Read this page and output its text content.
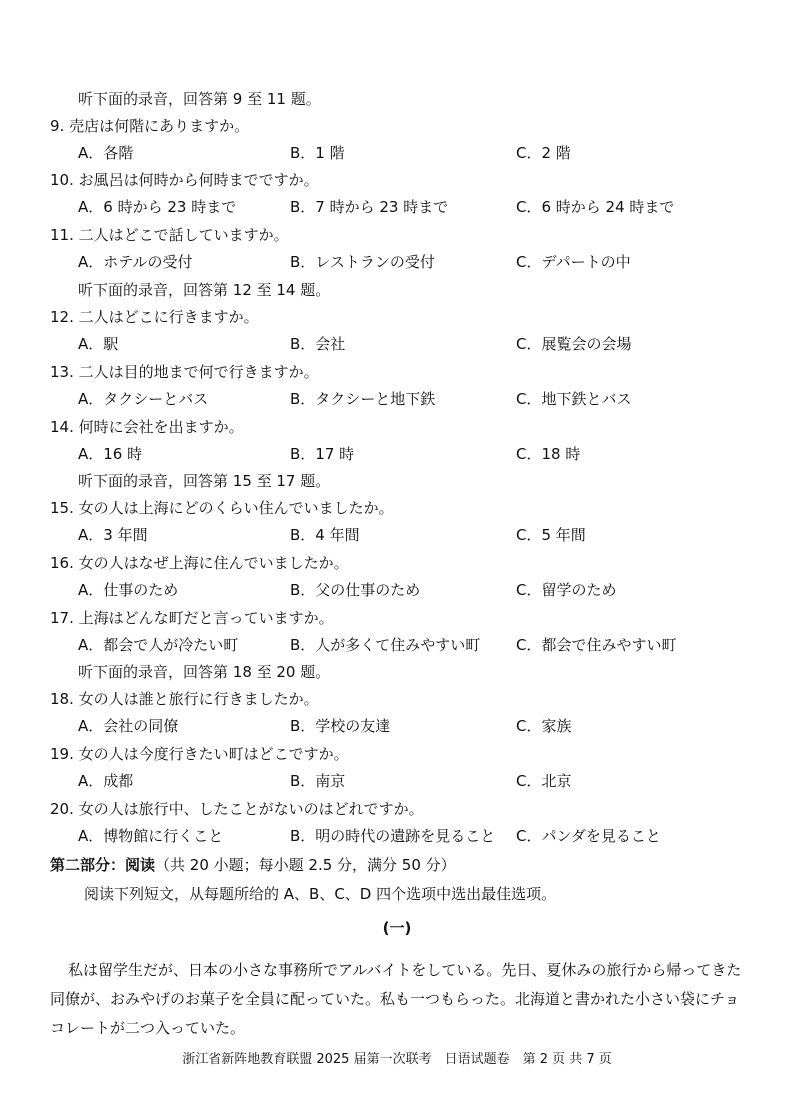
听下面的录音，回答第 9 至 11 题。
9. 売店は何階にありますか。
A．各階	B．1 階	C．2 階
10. お風呂は何時から何時までですか。
A．6 時から 23 時まで	B．7 時から 23 時まで	C．6 時から 24 時まで
11. 二人はどこで話していますか。
A．ホテルの受付	B．レストランの受付	C．デパートの中
听下面的录音，回答第 12 至 14 题。
12. 二人はどこに行きますか。
A．駅	B．会社	C．展覧会の会場
13. 二人は目的地まで何で行きますか。
A．タクシーとバス	B．タクシーと地下鉄	C．地下鉄とバス
14. 何時に会社を出ますか。
A．16 時	B．17 時	C．18 時
听下面的录音，回答第 15 至 17 题。
15. 女の人は上海にどのくらい住んでいましたか。
A．3 年間	B．4 年間	C．5 年間
16. 女の人はなぜ上海に住んでいましたか。
A．仕事のため	B．父の仕事のため	C．留学のため
17. 上海はどんな町だと言っていますか。
A．都会で人が冷たい町	B．人が多くて住みやすい町 C．都会で住みやすい町
听下面的录音，回答第 18 至 20 题。
18. 女の人は誰と旅行に行きましたか。
A．会社の同僚	B．学校の友達	C．家族
19. 女の人は今度行きたい町はどこですか。
A．成都	B．南京	C．北京
20. 女の人は旅行中、したことがないのはどれですか。
A．博物館に行くこと	B．明の時代の遺跡を見ること C．パンダを見ること
第二部分：阅读（共 20 小题；每小题 2.5 分，满分 50 分）
阅读下列短文，从每题所给的 A、B、C、D 四个选项中选出最佳选项。
(一)
私は留学生だが、日本の小さな事務所でアルバイトをしている。先日、夏休みの旅行から帰ってきた同僚が、おみやげのお菓子を全員に配っていた。私も一つもらった。北海道と書かれた小さい袋にチョコレートが二つ入っていた。
浙江省新阵地教育联盟 2025 届第一次联考　日语试题卷　第 2 页 共 7 页
